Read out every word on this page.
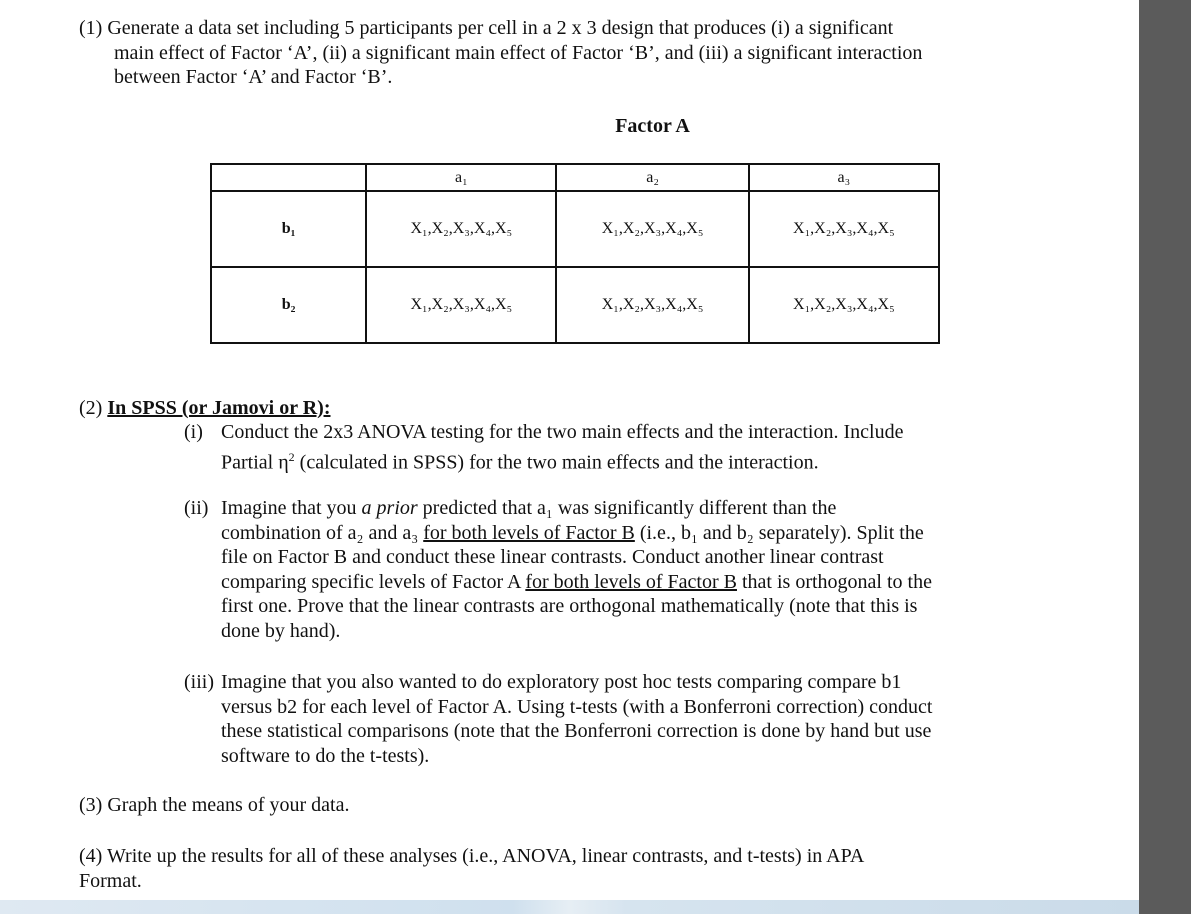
(1) Generate a data set including 5 participants per cell in a 2 x 3 design that produces (i) a significant

main effect of Factor ‘A’, (ii) a significant main effect of Factor ‘B’, and (iii) a significant interaction
between Factor ‘A’ and Factor ‘B’.

Factor A
	a₁	a₂	a₃
b₁	X₁,X₂,X₃,X₄,X₅	X₁,X₂,X₃,X₄,X₅	X₁,X₂,X₃,X₄,X₅
b₂	X₁,X₂,X₃,X₄,X₅	X₁,X₂,X₃,X₄,X₅	X₁,X₂,X₃,X₄,X₅

(2) In SPSS (or Jamovi or R):

(i) Conduct the 2x3 ANOVA testing for the two main effects and the interaction. Include
Partial $\eta^2$ (calculated in SPSS) for the two main effects and the interaction.
(ii) Imagine that you a prior predicted that a₁ was significantly different than the
combination of a₂ and a₃ for both levels of Factor B (i.e., b₁ and b₂ separately). Split the
file on Factor B and conduct these linear contrasts. Conduct another linear contrast
comparing specific levels of Factor A for both levels of Factor B that is orthogonal to the
first one. Prove that the linear contrasts are orthogonal mathematically (note that this is
done by hand).
(iii) Imagine that you also wanted to do exploratory post hoc tests comparing compare b1
versus b2 for each level of Factor A. Using t-tests (with a Bonferroni correction) conduct
these statistical comparisons (note that the Bonferroni correction is done by hand but use
software to do the t-tests).

(3) Graph the means of your data.

(4) Write up the results for all of these analyses (i.e., ANOVA, linear contrasts, and t-tests) in APA
Format.
